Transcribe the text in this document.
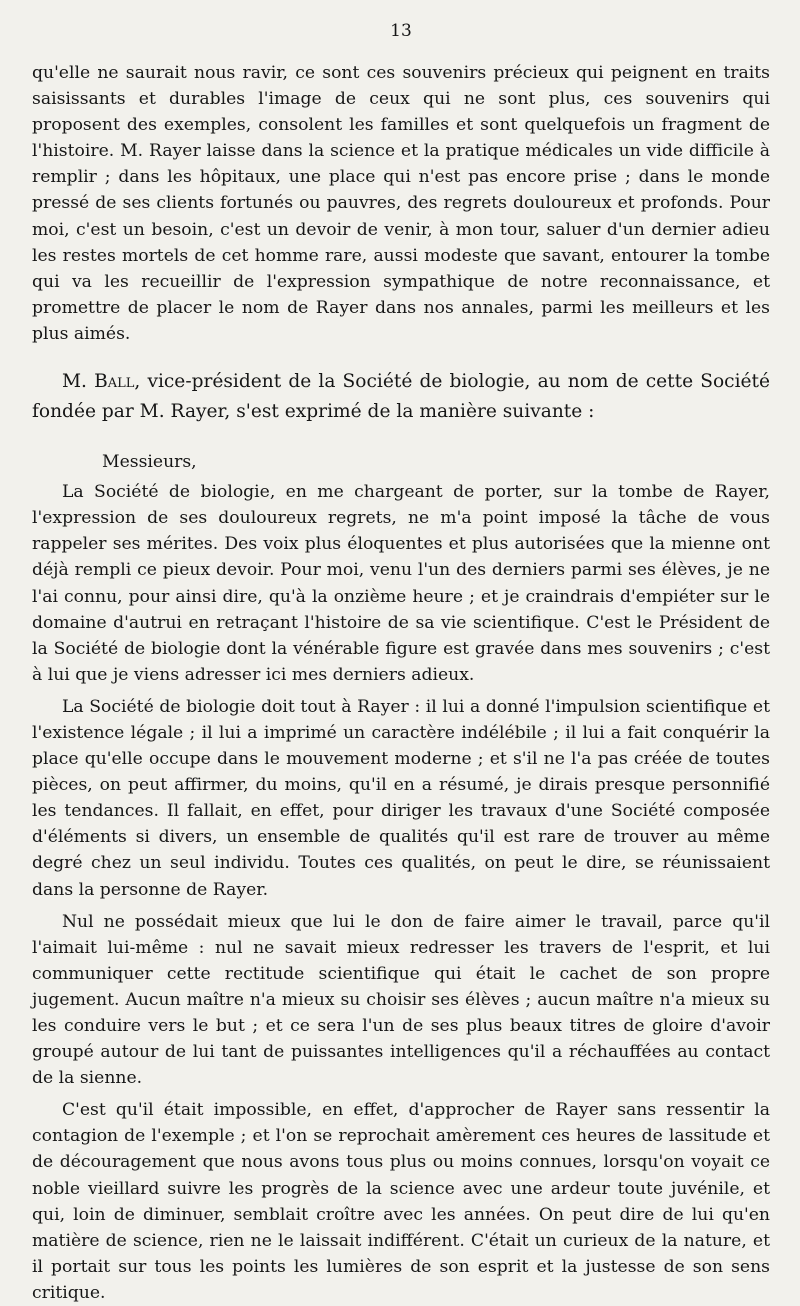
13

qu'elle ne saurait nous ravir, ce sont ces souvenirs précieux qui peignent en traits saisissants et durables l'image de ceux qui ne sont plus, ces souvenirs qui proposent des exemples, consolent les familles et sont quelquefois un fragment de l'histoire. M. Rayer laisse dans la science et la pratique médicales un vide difficile à remplir ; dans les hôpitaux, une place qui n'est pas encore prise ; dans le monde pressé de ses clients fortunés ou pauvres, des regrets douloureux et profonds. Pour moi, c'est un besoin, c'est un devoir de venir, à mon tour, saluer d'un dernier adieu les restes mortels de cet homme rare, aussi modeste que savant, entourer la tombe qui va les recueillir de l'expression sympathique de notre reconnaissance, et promettre de placer le nom de Rayer dans nos annales, parmi les meilleurs et les plus aimés.

M. Ball, vice-président de la Société de biologie, au nom de cette Société fondée par M. Rayer, s'est exprimé de la manière suivante :

Messieurs,

La Société de biologie, en me chargeant de porter, sur la tombe de Rayer, l'expression de ses douloureux regrets, ne m'a point imposé la tâche de vous rappeler ses mérites. Des voix plus éloquentes et plus autorisées que la mienne ont déjà rempli ce pieux devoir. Pour moi, venu l'un des derniers parmi ses élèves, je ne l'ai connu, pour ainsi dire, qu'à la onzième heure ; et je craindrais d'empiéter sur le domaine d'autrui en retraçant l'histoire de sa vie scientifique. C'est le Président de la Société de biologie dont la vénérable figure est gravée dans mes souvenirs ; c'est à lui que je viens adresser ici mes derniers adieux.

La Société de biologie doit tout à Rayer : il lui a donné l'impulsion scientifique et l'existence légale ; il lui a imprimé un caractère indélébile ; il lui a fait conquérir la place qu'elle occupe dans le mouvement moderne ; et s'il ne l'a pas créée de toutes pièces, on peut affirmer, du moins, qu'il en a résumé, je dirais presque personnifié les tendances. Il fallait, en effet, pour diriger les travaux d'une Société composée d'éléments si divers, un ensemble de qualités qu'il est rare de trouver au même degré chez un seul individu. Toutes ces qualités, on peut le dire, se réunissaient dans la personne de Rayer.

Nul ne possédait mieux que lui le don de faire aimer le travail, parce qu'il l'aimait lui-même : nul ne savait mieux redresser les travers de l'esprit, et lui communiquer cette rectitude scientifique qui était le cachet de son propre jugement. Aucun maître n'a mieux su choisir ses élèves ; aucun maître n'a mieux su les conduire vers le but ; et ce sera l'un de ses plus beaux titres de gloire d'avoir groupé autour de lui tant de puissantes intelligences qu'il a réchauffées au contact de la sienne.

C'est qu'il était impossible, en effet, d'approcher de Rayer sans ressentir la contagion de l'exemple ; et l'on se reprochait amèrement ces heures de lassitude et de découragement que nous avons tous plus ou moins connues, lorsqu'on voyait ce noble vieillard suivre les progrès de la science avec une ardeur toute juvénile, et qui, loin de diminuer, semblait croître avec les années. On peut dire de lui qu'en matière de science, rien ne le laissait indifférent. C'était un curieux de la nature, et il portait sur tous les points les lumières de son esprit et la justesse de son sens critique.
